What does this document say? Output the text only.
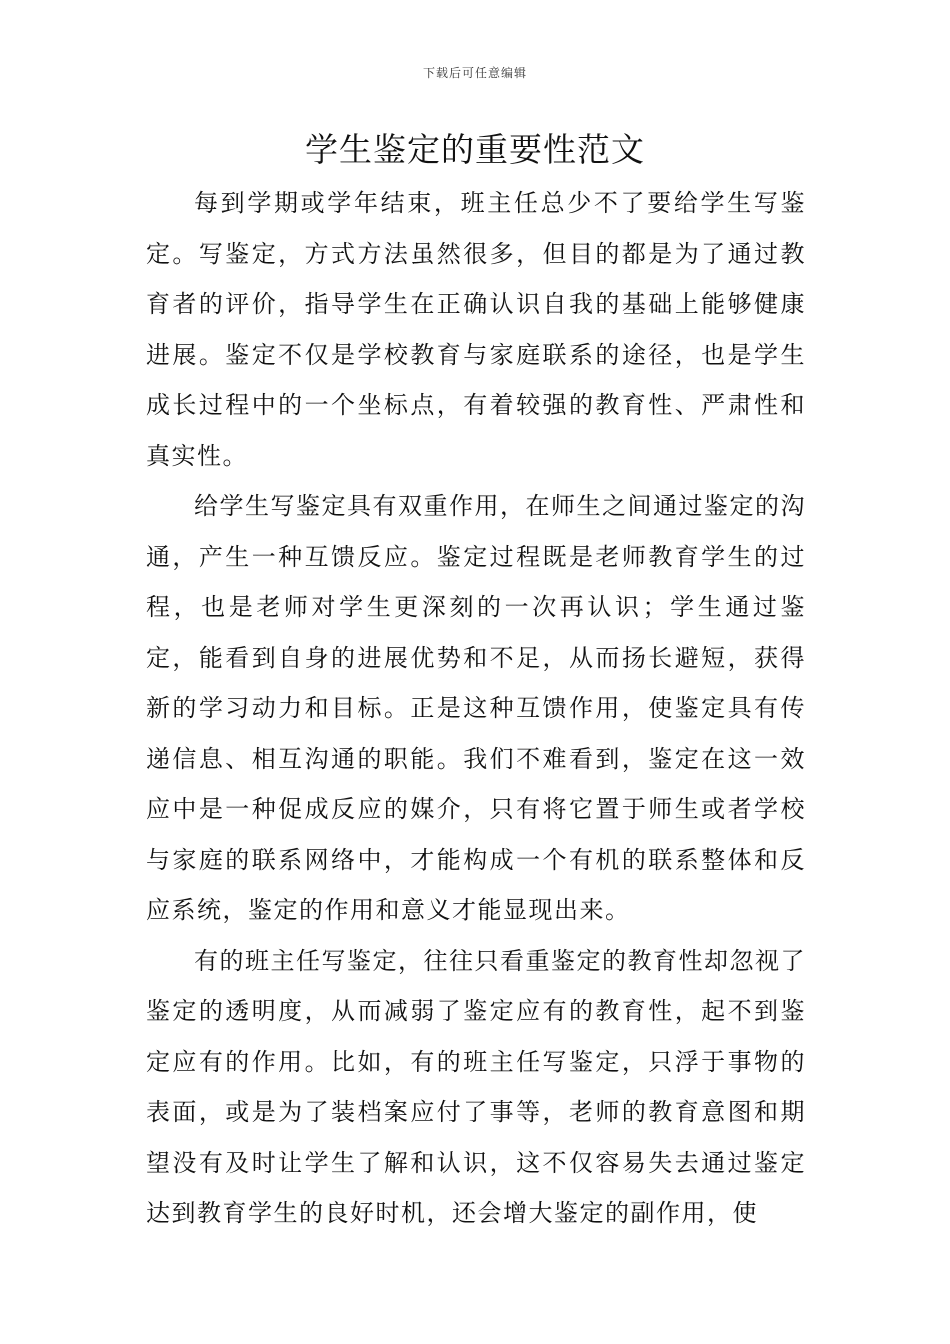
下载后可任意编辑
学生鉴定的重要性范文

每到学期或学年结束，班主任总少不了要给学生写鉴定。写鉴定，方式方法虽然很多，但目的都是为了通过教育者的评价，指导学生在正确认识自我的基础上能够健康进展。鉴定不仅是学校教育与家庭联系的途径，也是学生成长过程中的一个坐标点，有着较强的教育性、严肃性和真实性。

给学生写鉴定具有双重作用，在师生之间通过鉴定的沟通，产生一种互馈反应。鉴定过程既是老师教育学生的过程，也是老师对学生更深刻的一次再认识；学生通过鉴定，能看到自身的进展优势和不足，从而扬长避短，获得新的学习动力和目标。正是这种互馈作用，使鉴定具有传递信息、相互沟通的职能。我们不难看到，鉴定在这一效应中是一种促成反应的媒介，只有将它置于师生或者学校与家庭的联系网络中，才能构成一个有机的联系整体和反应系统，鉴定的作用和意义才能显现出来。

有的班主任写鉴定，往往只看重鉴定的教育性却忽视了鉴定的透明度，从而减弱了鉴定应有的教育性，起不到鉴定应有的作用。比如，有的班主任写鉴定，只浮于事物的表面，或是为了装档案应付了事等，老师的教育意图和期望没有及时让学生了解和认识，这不仅容易失去通过鉴定达到教育学生的良好时机，还会增大鉴定的副作用，使
